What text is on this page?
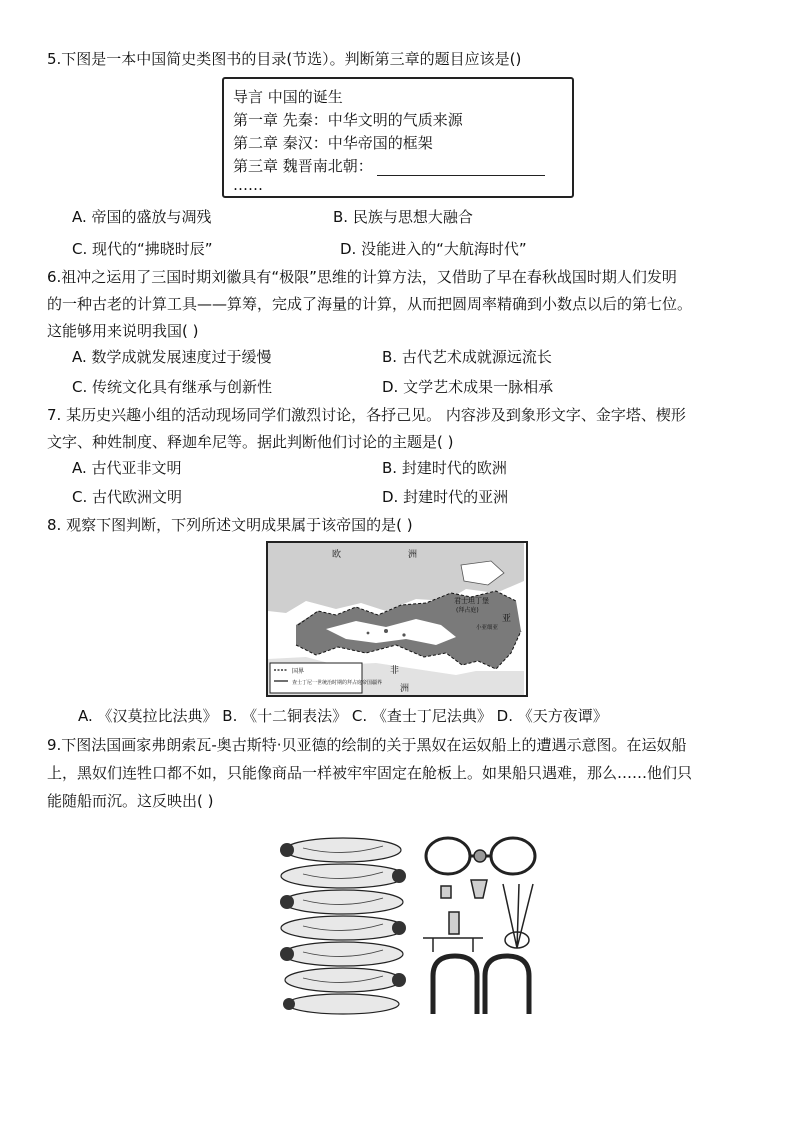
5.下图是一本中国简史类图书的目录(节选）。判断第三章的题目应该是()
导言 中国的诞生
第一章 先秦：中华文明的气质来源
第二章 秦汉：中华帝国的框架
第三章 魏晋南北朝：
……
A. 帝国的盛放与凋残	B. 民族与思想大融合
C. 现代的“拂晓时辰”	D. 没能进入的“大航海时代”
6.祖冲之运用了三国时期刘徽具有“极限”思维的计算方法，又借助了早在春秋战国时期人们发明
的一种古老的计算工具——算筹，完成了海量的计算，从而把圆周率精确到小数点以后的第七位。
这能够用来说明我国( )
A. 数学成就发展速度过于缓慢	B. 古代艺术成就源远流长
C. 传统文化具有继承与创新性	D. 文学艺术成果一脉相承
7. 某历史兴趣小组的活动现场同学们激烈讨论，各抒己见。 内容涉及到象形文字、金字塔、楔形
文字、种姓制度、释迦牟尼等。据此判断他们讨论的主题是( )
A. 古代亚非文明	B. 封建时代的欧洲
C. 古代欧洲文明	D. 封建时代的亚洲
8. 观察下图判断，下列所述文明成果属于该帝国的是( )
国界
查士丁尼一世统治时期的拜占庭帝国疆界
欧	洲
君士坦丁堡
(拜占庭)
亚
小亚细亚
非
洲
A. 《汉莫拉比法典》 B. 《十二铜表法》 C. 《查士丁尼法典》 D. 《天方夜谭》
9.下图法国画家弗朗索瓦-奥古斯特·贝亚德的绘制的关于黑奴在运奴船上的遭遇示意图。在运奴船
上，黑奴们连牲口都不如，只能像商品一样被牢牢固定在舱板上。如果船只遇难，那么……他们只
能随船而沉。这反映出( )
